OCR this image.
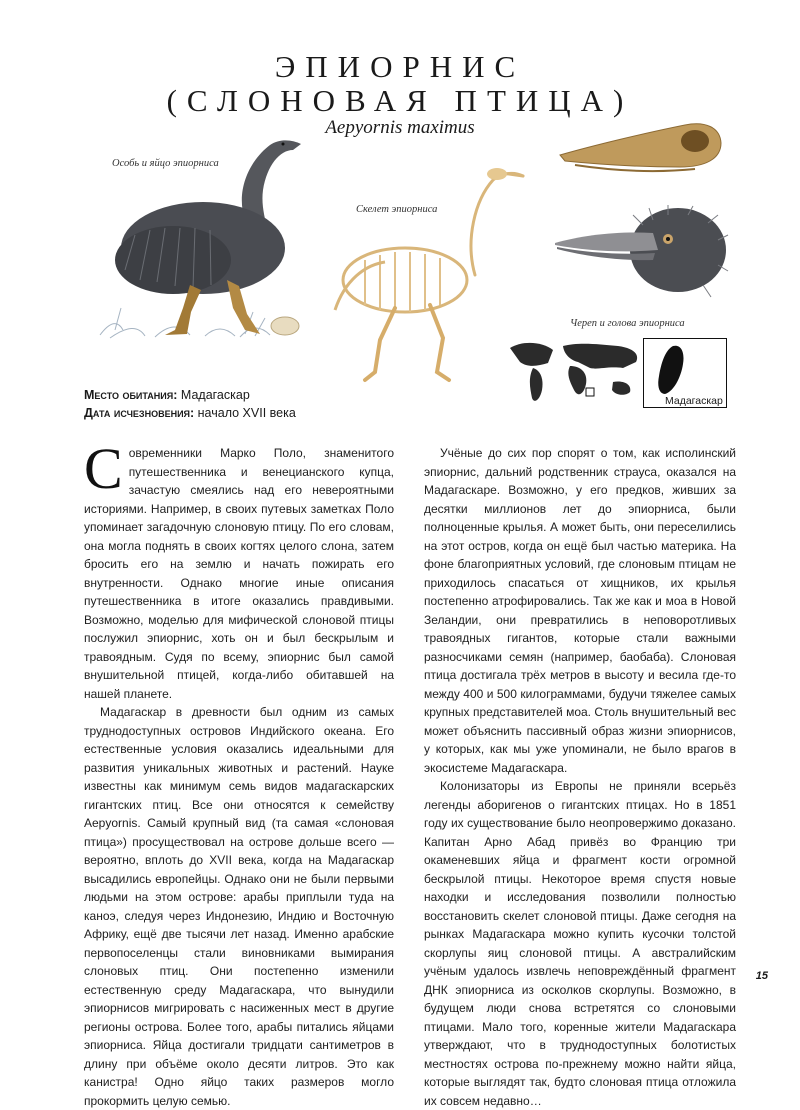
ЭПИОРНИС
(СЛОНОВАЯ ПТИЦА)
Aepyornis maximus
Особь и яйцо эпиорниса
Скелет эпиорниса
Череп и голова эпиорниса
Мадагаскар
Место обитания: Мадагаскар
Дата исчезновения: начало XVII века

Современники Марко Поло, знаменитого путешественника и венецианского купца, зачастую смеялись над его невероятными историями. Например, в своих путевых заметках Поло упоминает загадочную слоновую птицу. По его словам, она могла поднять в своих когтях целого слона, затем бросить его на землю и начать пожирать его внутренности. Однако многие иные описания путешественника в итоге оказались правдивыми. Возможно, моделью для мифической слоновой птицы послужил эпиорнис, хоть он и был бескрылым и травоядным. Судя по всему, эпиорнис был самой внушительной птицей, когда-либо обитавшей на нашей планете.

Мадагаскар в древности был одним из самых труднодоступных островов Индийского океана. Его естественные условия оказались идеальными для развития уникальных животных и растений. Науке известны как минимум семь видов мадагаскарских гигантских птиц. Все они относятся к семейству Aepyornis. Самый крупный вид (та самая «слоновая птица») просуществовал на острове дольше всего — вероятно, вплоть до XVII века, когда на Мадагаскар высадились европейцы. Однако они не были первыми людьми на этом острове: арабы приплыли туда на каноэ, следуя через Индонезию, Индию и Восточную Африку, ещё две тысячи лет назад. Именно арабские первопоселенцы стали виновниками вымирания слоновых птиц. Они постепенно изменили естественную среду Мадагаскара, что вынудили эпиорнисов мигрировать с насиженных мест в другие регионы острова. Более того, арабы питались яйцами эпиорниса. Яйца достигали тридцати сантиметров в длину при объёме около десяти литров. Это как канистра! Одно яйцо таких размеров могло прокормить целую семью.

Учёные до сих пор спорят о том, как исполинский эпиорнис, дальний родственник страуса, оказался на Мадагаскаре. Возможно, у его предков, живших за десятки миллионов лет до эпиорниса, были полноценные крылья. А может быть, они переселились на этот остров, когда он ещё был частью материка. На фоне благоприятных условий, где слоновым птицам не приходилось спасаться от хищников, их крылья постепенно атрофировались. Так же как и моа в Новой Зеландии, они превратились в неповоротливых травоядных гигантов, которые стали важными разносчиками семян (например, баобаба). Слоновая птица достигала трёх метров в высоту и весила где-то между 400 и 500 килограммами, будучи тяжелее самых крупных представителей моа. Столь внушительный вес может объяснить пассивный образ жизни эпиорнисов, у которых, как мы уже упоминали, не было врагов в экосистеме Мадагаскара.

Колонизаторы из Европы не приняли всерьёз легенды аборигенов о гигантских птицах. Но в 1851 году их существование было неопровержимо доказано. Капитан Арно Абад привёз во Францию три окаменевших яйца и фрагмент кости огромной бескрылой птицы. Некоторое время спустя новые находки и исследования позволили полностью восстановить скелет слоновой птицы. Даже сегодня на рынках Мадагаскара можно купить кусочки толстой скорлупы яиц слоновой птицы. А австралийским учёным удалось извлечь неповреждённый фрагмент ДНК эпиорниса из осколков скорлупы. Возможно, в будущем люди снова встретятся со слоновыми птицами. Мало того, коренные жители Мадагаскара утверждают, что в труднодоступных болотистых местностях острова по-прежнему можно найти яйца, которые выглядят так, будто слоновая птица отложила их совсем недавно…

15
